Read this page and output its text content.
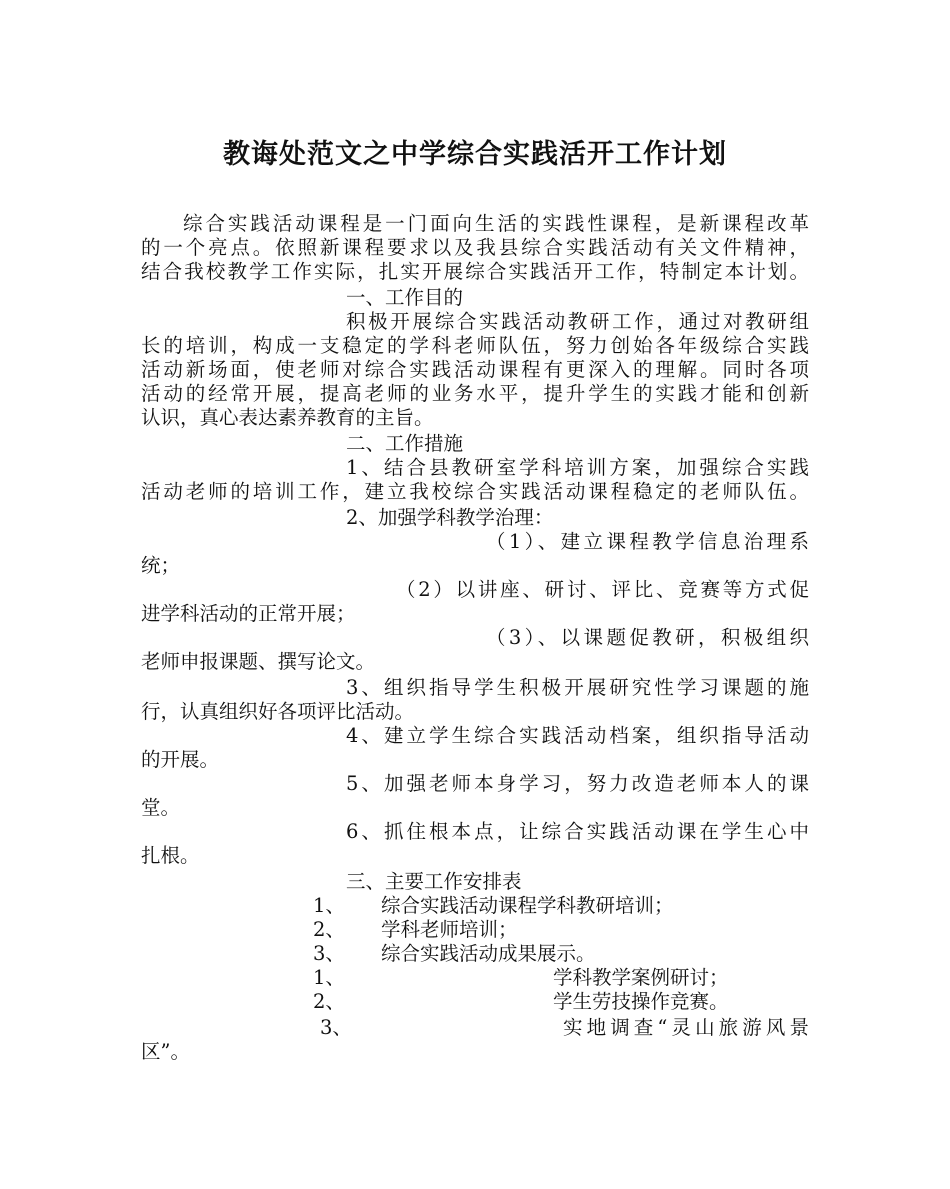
教诲处范文之中学综合实践活开工作计划
综合实践活动课程是一门面向生活的实践性课程，是新课程改革
的一个亮点。依照新课程要求以及我县综合实践活动有关文件精神，
结合我校教学工作实际，扎实开展综合实践活开工作，特制定本计划。
一、工作目的
积极开展综合实践活动教研工作，通过对教研组
长的培训，构成一支稳定的学科老师队伍，努力创始各年级综合实践
活动新场面，使老师对综合实践活动课程有更深入的理解。同时各项
活动的经常开展，提高老师的业务水平，提升学生的实践才能和创新
认识，真心表达素养教育的主旨。
二、工作措施
1、结合县教研室学科培训方案，加强综合实践
活动老师的培训工作，建立我校综合实践活动课程稳定的老师队伍。
2、加强学科教学治理：
（1）、建立课程教学信息治理系
统；
（2）以讲座、研讨、评比、竞赛等方式促
进学科活动的正常开展；
（3）、以课题促教研，积极组织
老师申报课题、撰写论文。
3、组织指导学生积极开展研究性学习课题的施
行，认真组织好各项评比活动。
4、建立学生综合实践活动档案，组织指导活动
的开展。
5、加强老师本身学习，努力改造老师本人的课
堂。
6、抓住根本点，让综合实践活动课在学生心中
扎根。
三、主要工作安排表
1、 综合实践活动课程学科教研培训；
2、 学科老师培训；
3、 综合实践活动成果展示。
1、	学科教学案例研讨；
2、	学生劳技操作竞赛。
3、	实地调查“灵山旅游风景
区”。
